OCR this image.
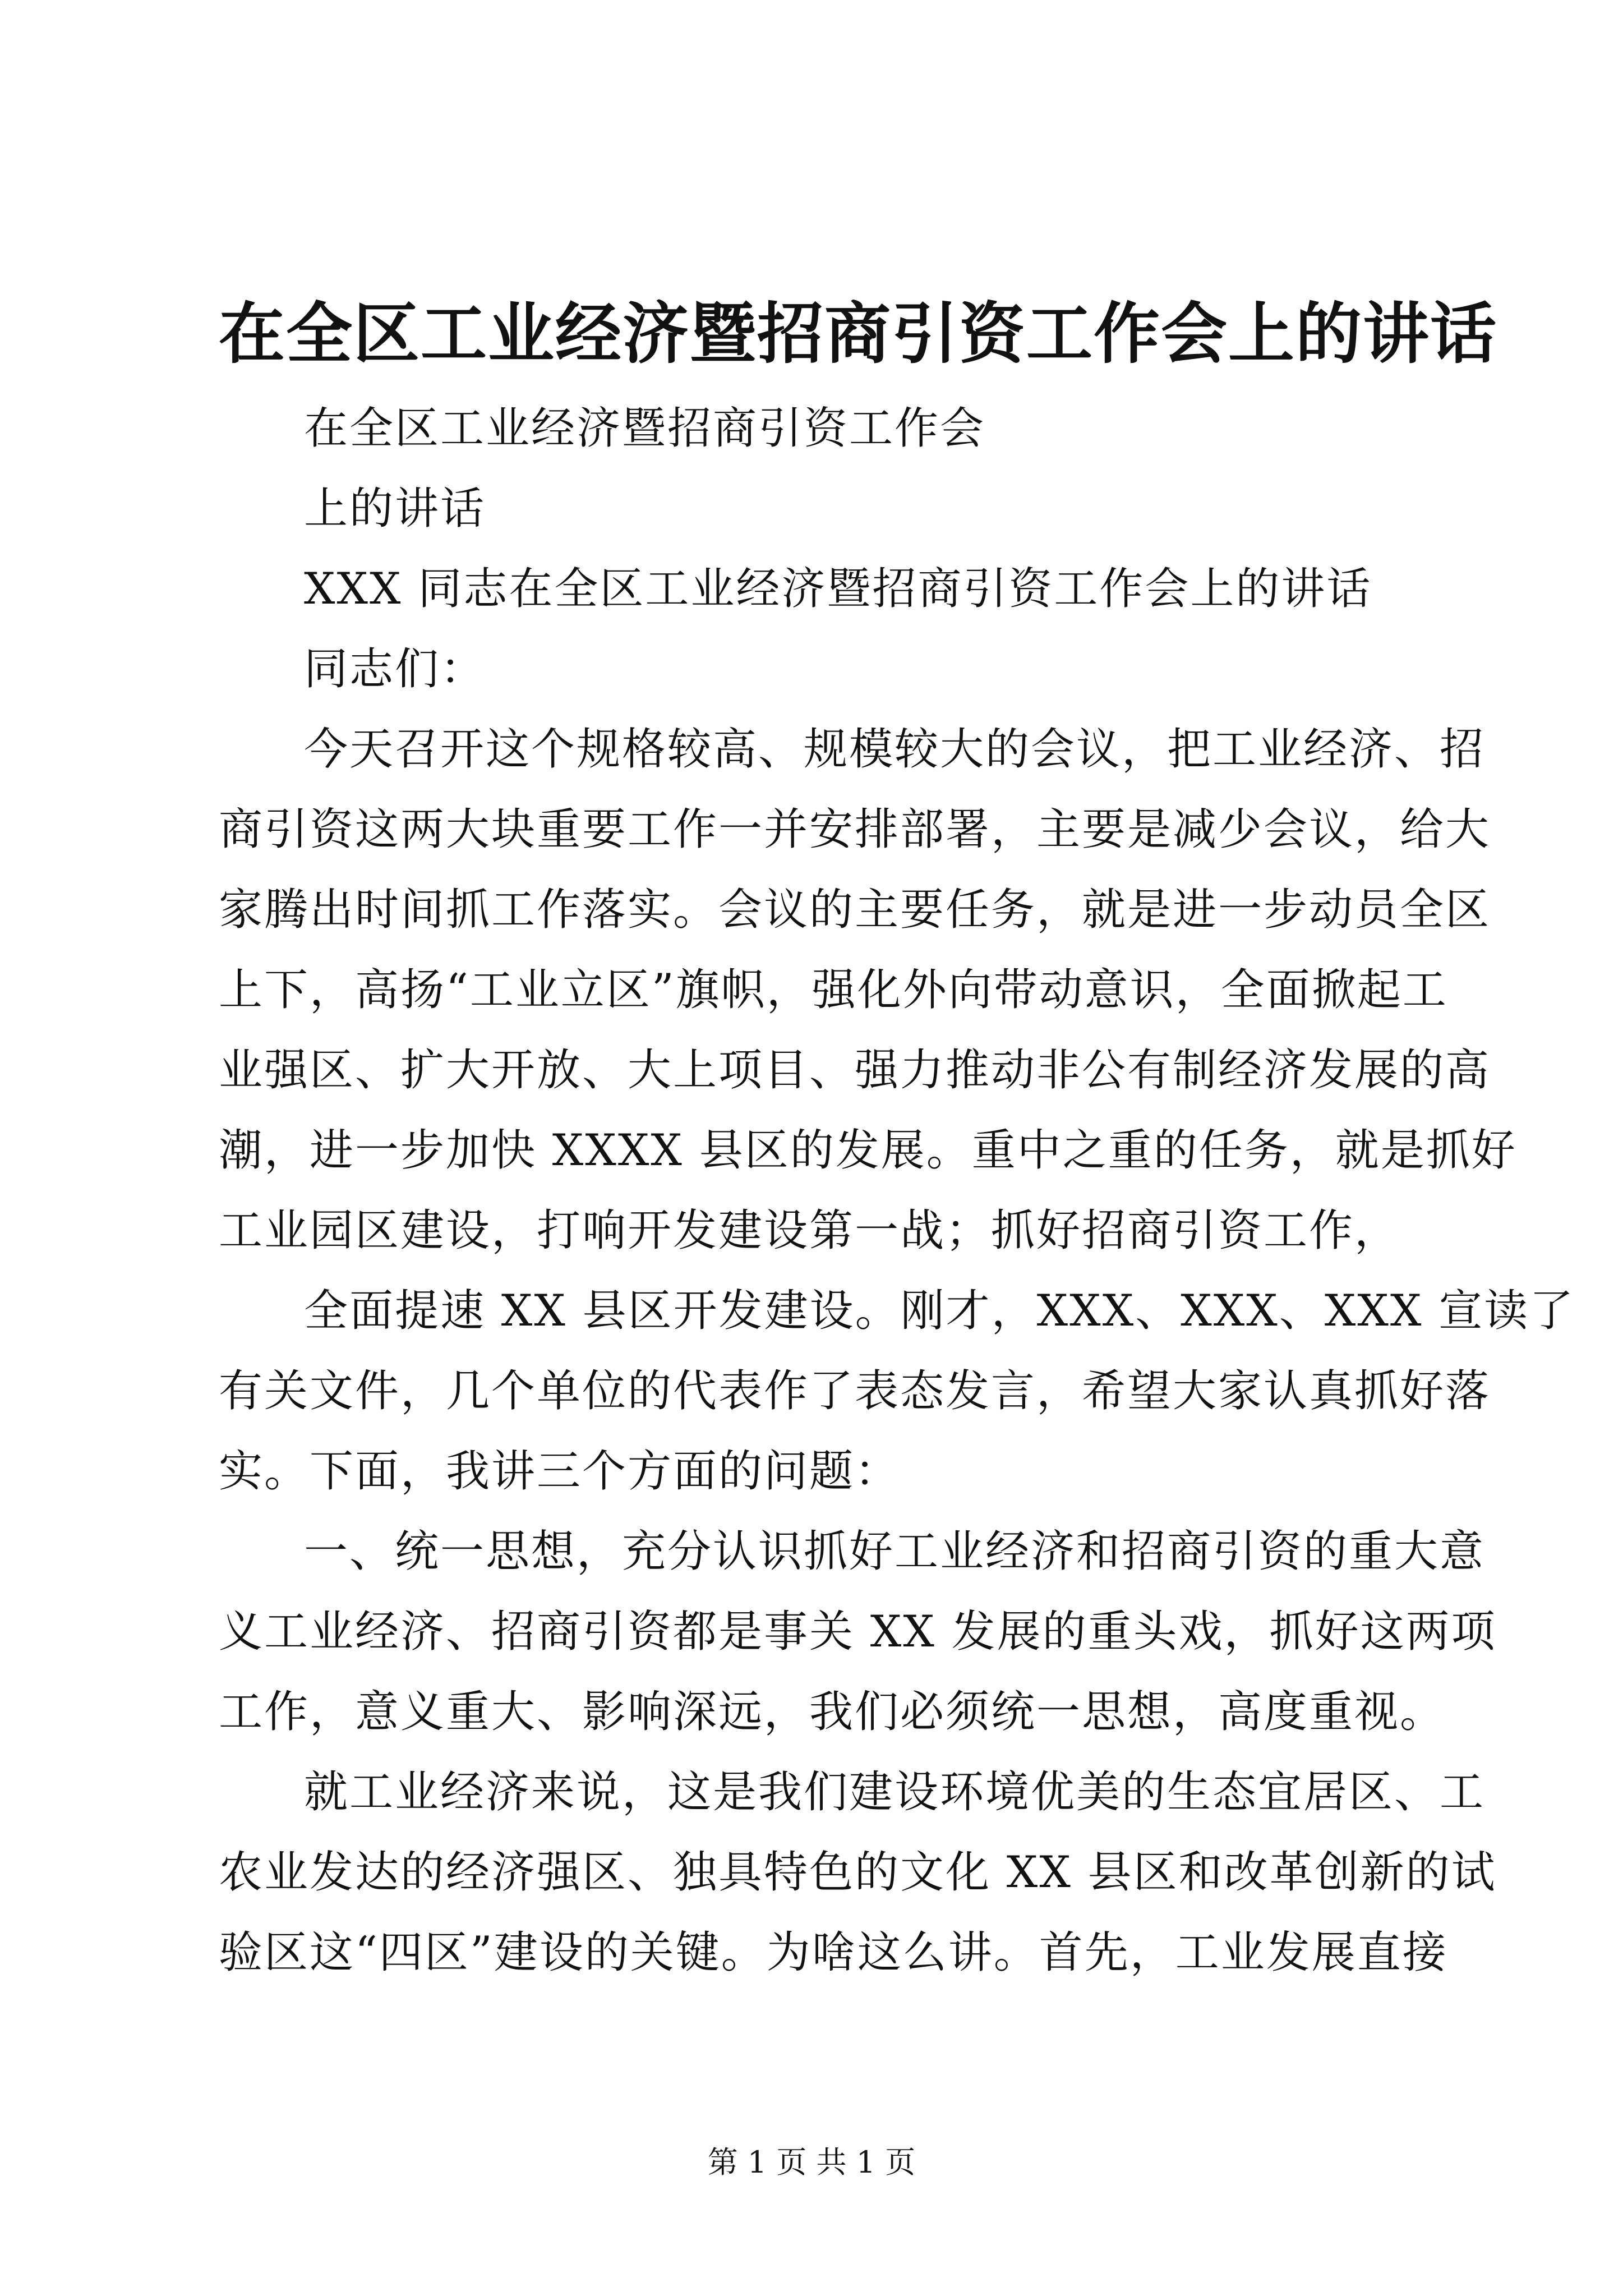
在全区工业经济暨招商引资工作会上的讲话
在全区工业经济暨招商引资工作会
上的讲话
XXX 同志在全区工业经济暨招商引资工作会上的讲话
同志们：
今天召开这个规格较高、规模较大的会议，把工业经济、招
商引资这两大块重要工作一并安排部署，主要是减少会议，给大
家腾出时间抓工作落实。会议的主要任务，就是进一步动员全区
上下，高扬“工业立区”旗帜，强化外向带动意识，全面掀起工
业强区、扩大开放、大上项目、强力推动非公有制经济发展的高
潮，进一步加快 XXXX 县区的发展。重中之重的任务，就是抓好
工业园区建设，打响开发建设第一战；抓好招商引资工作，
全面提速 XX 县区开发建设。刚才，XXX、XXX、XXX 宣读了
有关文件，几个单位的代表作了表态发言，希望大家认真抓好落
实。下面，我讲三个方面的问题：
一、统一思想，充分认识抓好工业经济和招商引资的重大意
义工业经济、招商引资都是事关 XX 发展的重头戏，抓好这两项
工作，意义重大、影响深远，我们必须统一思想，高度重视。
就工业经济来说，这是我们建设环境优美的生态宜居区、工
农业发达的经济强区、独具特色的文化 XX 县区和改革创新的试
验区这“四区”建设的关键。为啥这么讲。首先，工业发展直接
第 1 页 共 1 页
